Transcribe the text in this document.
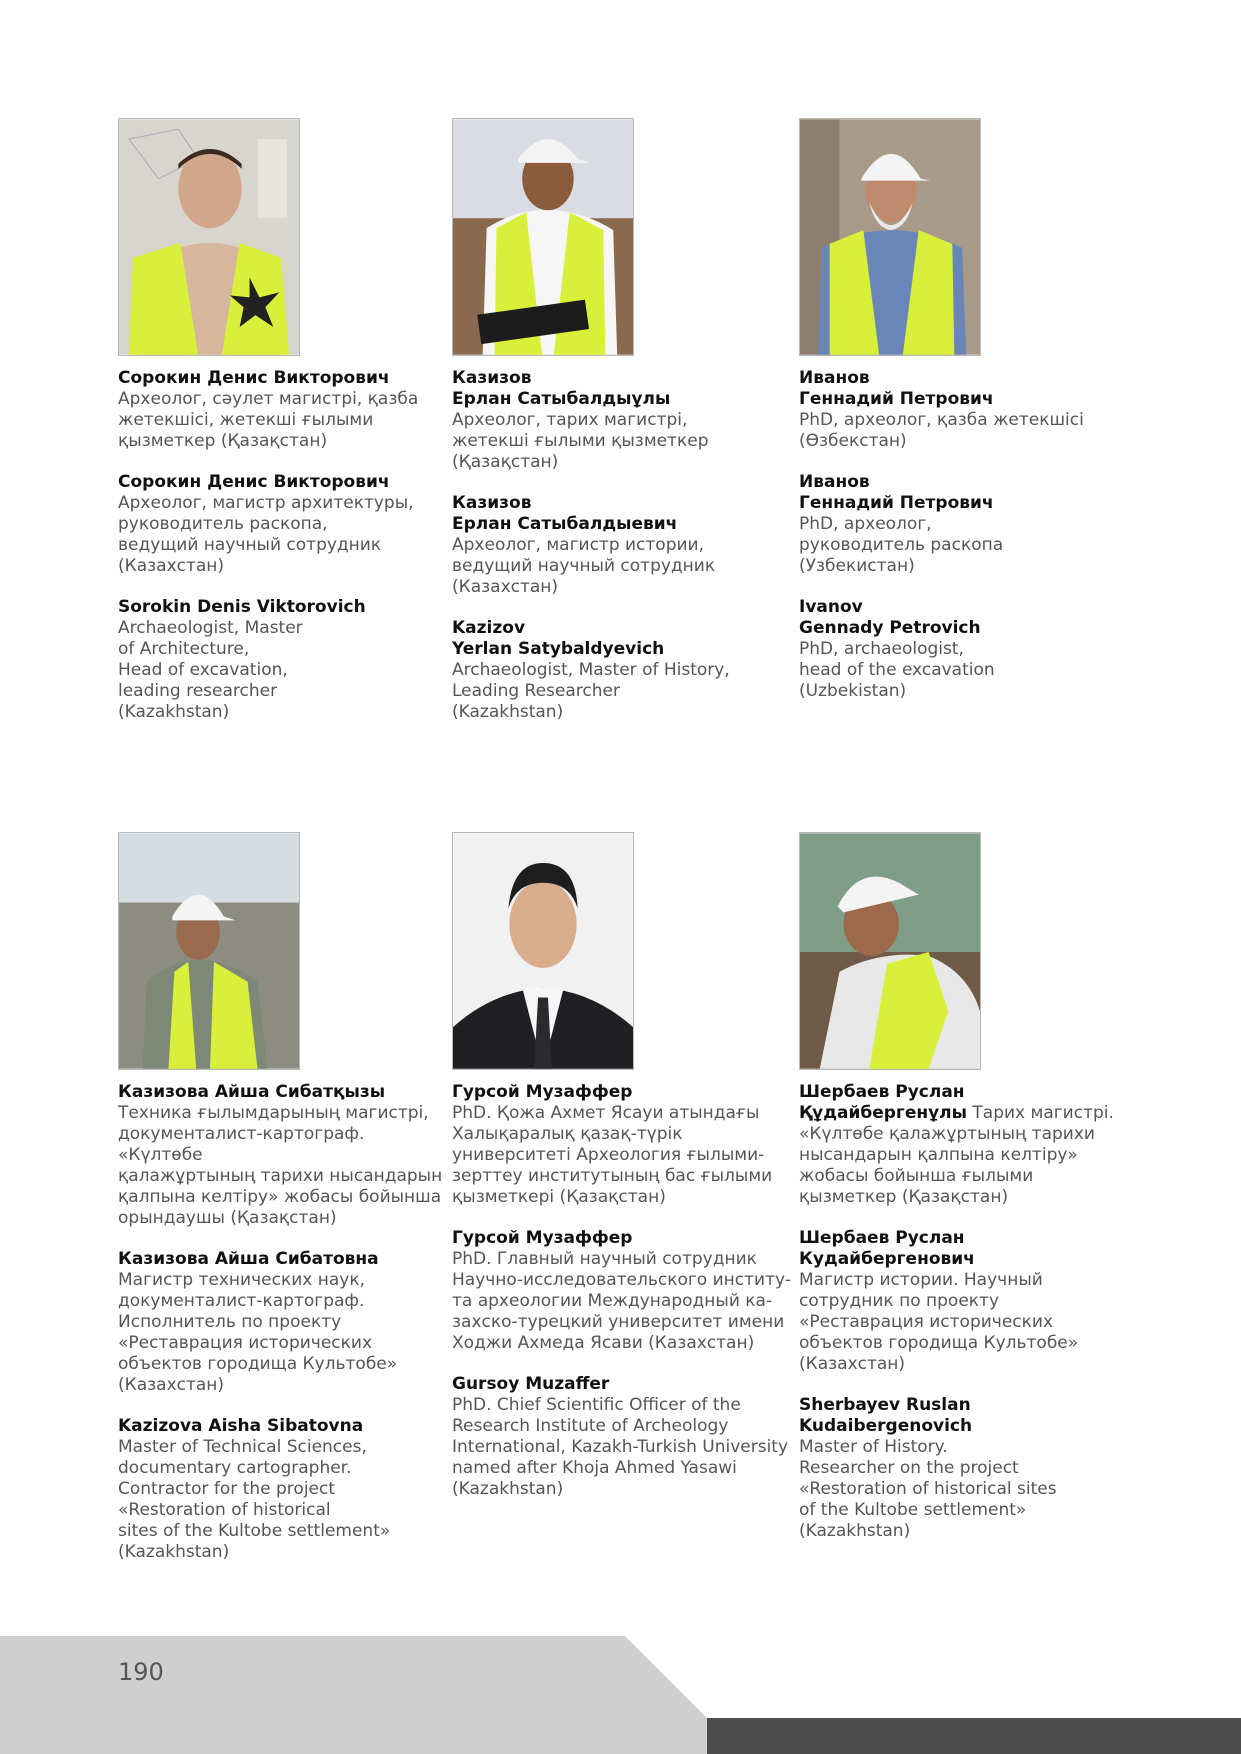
Сорокин Денис Викторович
Археолог, сәулет магистрі, қазба
жетекшісі, жетекші ғылыми
қызметкер (Қазақстан)
Сорокин Денис Викторович
Археолог, магистр архитектуры,
руководитель раскопа,
ведущий научный сотрудник
(Казахстан)
Sorokin Denis Viktorovich
Archaeologist, Master
of Architecture,
Head of excavation,
leading researcher
(Kazakhstan)
Казизов
Ерлан Сатыбалдыұлы
Археолог, тарих магистрі,
жетекші ғылыми қызметкер
(Қазақстан)
Казизов
Ерлан Сатыбалдыевич
Археолог, магистр истории,
ведущий научный сотрудник
(Казахстан)
Kazizov
Yerlan Satybaldyevich
Archaeologist, Master of History,
Leading Researcher
(Kazakhstan)
Иванов
Геннадий Петрович
PhD, археолог, қазба жетекшісі
(Өзбекстан)
Иванов
Геннадий Петрович
PhD, археолог,
руководитель раскопа
(Узбекистан)
Ivanov
Gennady Petrovich
PhD, archaeologist,
head of the excavation
(Uzbekistan)
Казизова Айша Сибатқызы
Техника ғылымдарының магистрі,
документалист-картограф. «Күлтөбе
қалажұртының тарихи нысандарын
қалпына келтіру» жобасы бойынша
орындаушы (Қазақстан)
Казизова Айша Сибатовна
Магистр технических наук,
документалист-картограф.
Исполнитель по проекту
«Реставрация исторических
объектов городища Культобе»
(Казахстан)
Kazizova Aisha Sibatovna
Master of Technical Sciences,
documentary cartographer.
Contractor for the project
«Restoration of historical
sites of the Kultobe settlement»
(Kazakhstan)
Гурсой Музаффер
PhD. Қожа Ахмет Ясауи атындағы
Халықаралық қазақ-түрік
университеті Археология ғылыми-
зерттеу институтының бас ғылыми
қызметкері (Қазақстан)
Гурсой Музаффер
PhD. Главный научный сотрудник
Научно-исследовательского институ-
та археологии Международный ка-
захско-турецкий университет имени
Ходжи Ахмеда Ясави (Казахстан)
Gursoy Muzaffer
PhD. Chief Scientific Officer of the
Research Institute of Archeology
International, Kazakh-Turkish University
named after Khoja Ahmed Yasawi
(Kazakhstan)
Шербаев Руслан
Құдайбергенұлы Тарих магистрі.
«Күлтөбе қалажұртының тарихи
нысандарын қалпына келтіру»
жобасы бойынша ғылыми
қызметкер (Қазақстан)
Шербаев Руслан
Кудайбергенович
Магистр истории. Научный
сотрудник по проекту
«Реставрация исторических
объектов городища Культобе»
(Казахстан)
Sherbayev Ruslan
Kudaibergenovich
Master of History.
Researcher on the project
«Restoration of historical sites
of the Kultobe settlement»
(Kazakhstan)
190
